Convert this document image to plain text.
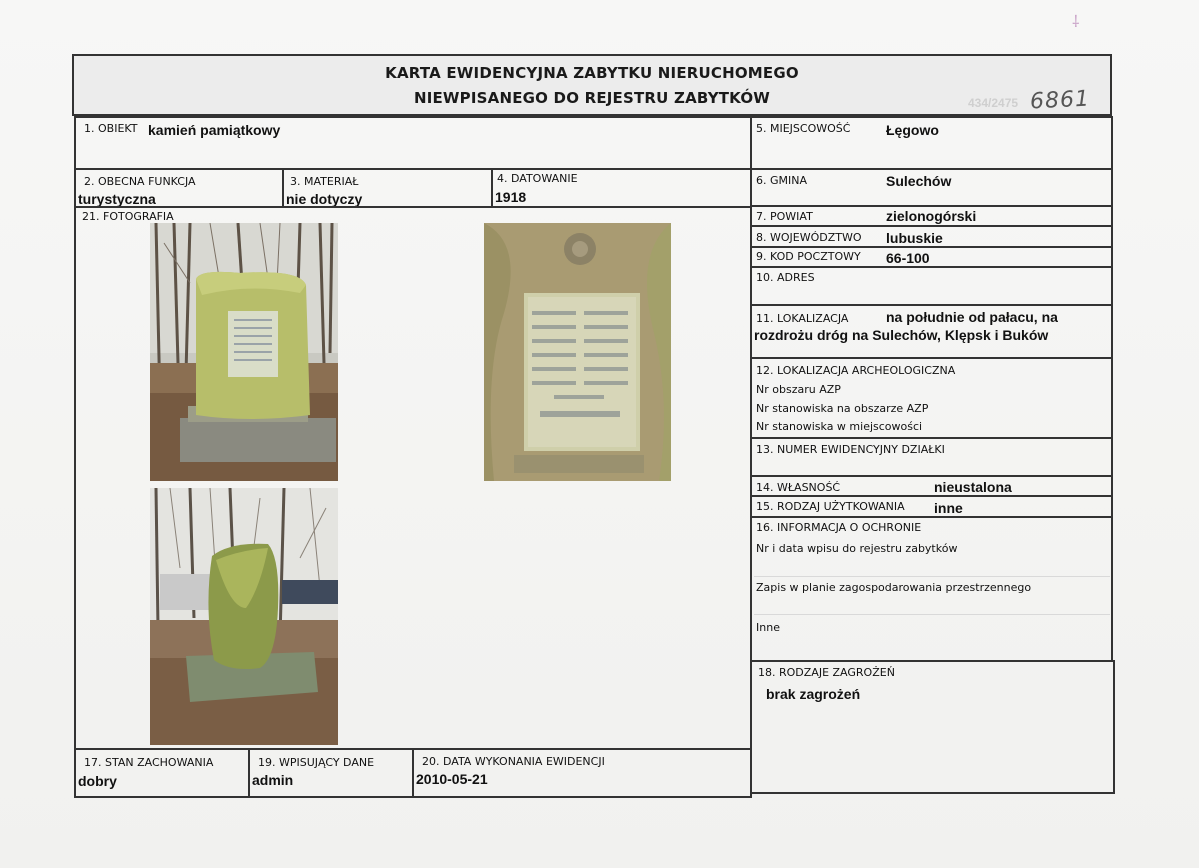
⸸
KARTA EWIDENCYJNA ZABYTKU NIERUCHOMEGO
NIEWPISANEGO DO REJESTRU ZABYTKÓW	434/2475 6861
1. OBIEKT kamień pamiątkowy
2. OBECNA FUNKCJA
turystyczna
3. MATERIAŁ
nie dotyczy
4. DATOWANIE
1918
21. FOTOGRAFIA
17. STAN ZACHOWANIA
dobry
19. WPISUJĄCY DANE
admin
20. DATA WYKONANIA EWIDENCJI
2010-05-21
5. MIEJSCOWOŚĆ	Łęgowo
6. GMINA	Sulechów
7. POWIAT	zielonogórski
8. WOJEWÓDZTWO lubuskie
9. KOD POCZTOWY 66-100
10. ADRES
11. LOKALIZACJA	na południe od pałacu, na
rozdrożu dróg na Sulechów, Klępsk i Buków
12. LOKALIZACJA ARCHEOLOGICZNA
Nr obszaru AZP
Nr stanowiska na obszarze AZP
Nr stanowiska w miejscowości
13. NUMER EWIDENCYJNY DZIAŁKI
14. WŁASNOŚĆ	nieustalona
15. RODZAJ UŻYTKOWANIA inne
16. INFORMACJA O OCHRONIE
Nr i data wpisu do rejestru zabytków
Zapis w planie zagospodarowania przestrzennego
Inne
18. RODZAJE ZAGROŻEŃ
brak zagrożeń
